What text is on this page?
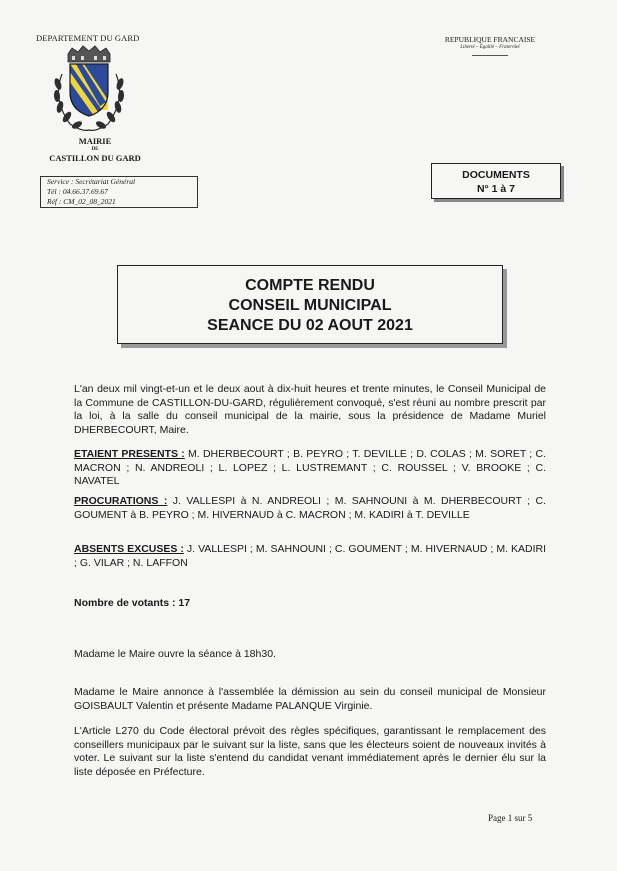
DEPARTEMENT DU GARD	REPUBLIQUE FRANCAISE
Liberté – Égalité – Fraternité
MAIRIE
DE
CASTILLON DU GARD
Service : Secrétariat Général
Tél : 04.66.37.69.67
Réf : CM_02_08_2021
DOCUMENTS
N° 1 à 7
COMPTE RENDU
CONSEIL MUNICIPAL
SEANCE DU 02 AOUT 2021
L'an deux mil vingt-et-un et le deux aout à dix-huit heures et trente minutes, le Conseil Municipal de la Commune de CASTILLON-DU-GARD, régulièrement convoqué, s'est réuni au nombre prescrit par la loi, à la salle du conseil municipal de la mairie, sous la présidence de Madame Muriel DHERBECOURT, Maire.
ETAIENT PRESENTS : M. DHERBECOURT ; B. PEYRO ; T. DEVILLE ; D. COLAS ; M. SORET ; C. MACRON ; N. ANDREOLI ; L. LOPEZ ; L. LUSTREMANT ; C. ROUSSEL ; V. BROOKE ; C. NAVATEL
PROCURATIONS : J. VALLESPI à N. ANDREOLI ; M. SAHNOUNI à M. DHERBECOURT ; C. GOUMENT à B. PEYRO ; M. HIVERNAUD à C. MACRON ; M. KADIRI à T. DEVILLE
ABSENTS EXCUSES : J. VALLESPI ; M. SAHNOUNI ; C. GOUMENT ; M. HIVERNAUD ; M. KADIRI ; G. VILAR ; N. LAFFON
Nombre de votants : 17
Madame le Maire ouvre la séance à 18h30.
Madame le Maire annonce à l'assemblée la démission au sein du conseil municipal de Monsieur GOISBAULT Valentin et présente Madame PALANQUE Virginie.
L'Article L270 du Code électoral prévoit des règles spécifiques, garantissant le remplacement des conseillers municipaux par le suivant sur la liste, sans que les électeurs soient de nouveaux invités à voter. Le suivant sur la liste s'entend du candidat venant immédiatement après le dernier élu sur la liste déposée en Préfecture.
Page 1 sur 5
